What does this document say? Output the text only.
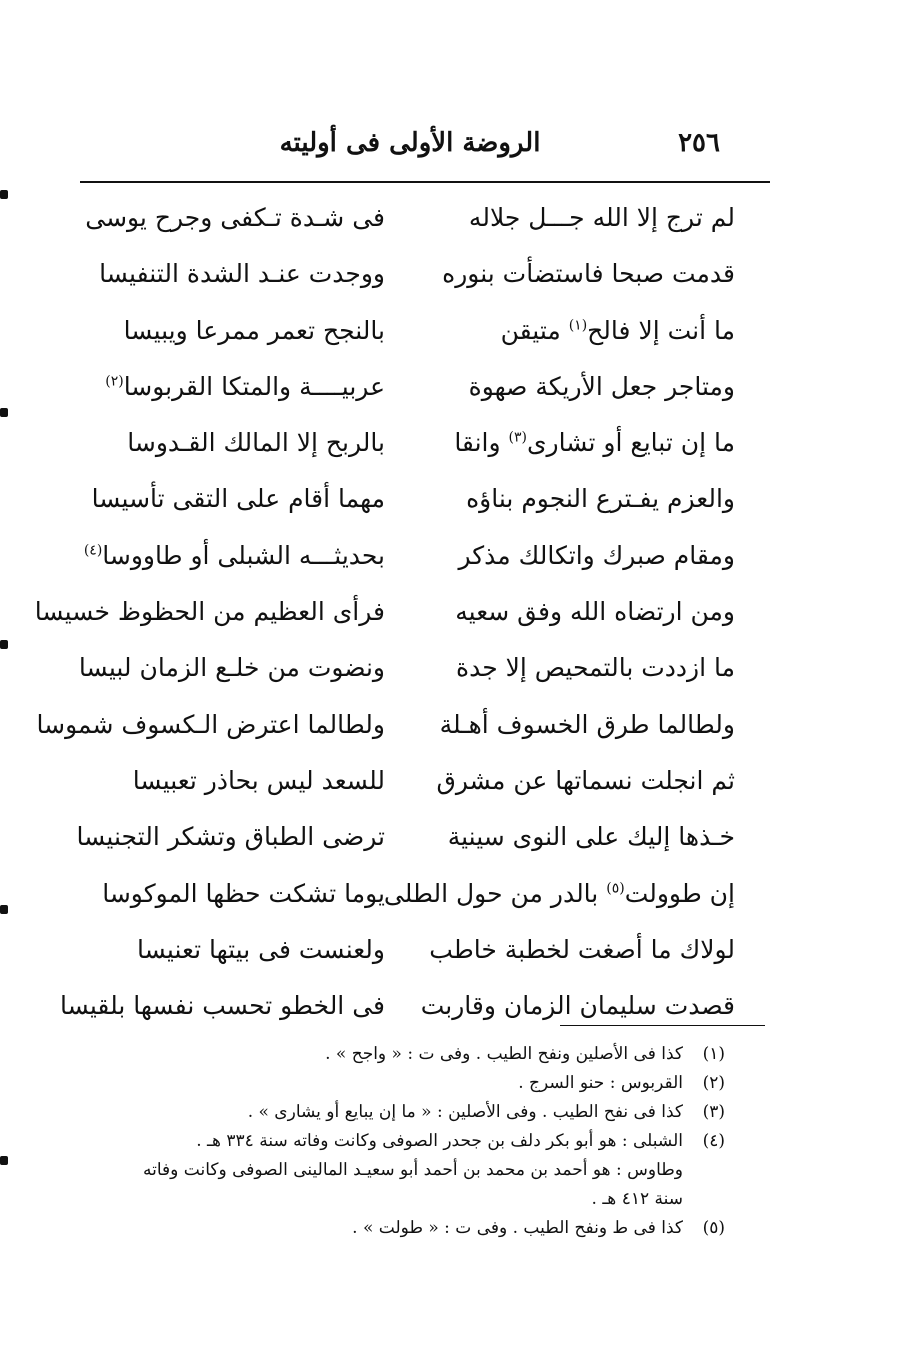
٢٥٦
الروضة الأولى فى أوليته
لم ترج إلا الله جـــل جلاله
فى شـدة تـكفى وجرح يوسى
قدمت صبحا فاستضأت بنوره
ووجدت عنـد الشدة التنفيسا
ما أنت إلا فالح$^{(١)}$ متيقن
بالنجح تعمر ممرعا ويبيسا
ومتاجر جعل الأريكة صهوة
عربيــــة والمتكا القربوسا$^{(٢)}$
ما إن تبايع أو تشارى$^{(٣)}$ وانقا
بالربح إلا المالك القـدوسا
والعزم يفـترع النجوم بناؤه
مهما أقام على التقى تأسيسا
ومقام صبرك واتكالك مذكر
بحديثـــه الشبلى أو طاووسا$^{(٤)}$
ومن ارتضاه الله وفق سعيه
فرأى العظيم من الحظوظ خسيسا
ما ازددت بالتمحيص إلا جدة
ونضوت من خلـع الزمان لبيسا
ولطالما طرق الخسوف أهـلة
ولطالما اعترض الـكسوف شموسا
ثم انجلت نسماتها عن مشرق
للسعد ليس بحاذر تعبيسا
خـذها إليك على النوى سينية
ترضى الطباق وتشكر التجنيسا
إن طوولت$^{(٥)}$ بالدر من حول الطلى
يوما تشكت حظها الموكوسا
لولاك ما أصغت لخطبة خاطب
ولعنست فى بيتها تعنيسا
قصدت سليمان الزمان وقاربت
فى الخطو تحسب نفسها بلقيسا
(١)كذا فى الأصلين ونفح الطيب . وفى ت : « واجح » .
(٢)القربوس : حنو السرج .
(٣)كذا فى نفح الطيب . وفى الأصلين : « ما إن يبايع أو يشارى » .
(٤)الشبلى : هو أبو بكر دلف بن جحدر الصوفى وكانت وفاته سنة ٣٣٤ هـ .
وطاوس : هو أحمد بن محمد بن أحمد أبو سعيـد المالينى الصوفى وكانت وفاته
سنة ٤١٢ هـ .
(٥)كذا فى ط ونفح الطيب . وفى ت : « طولت » .
